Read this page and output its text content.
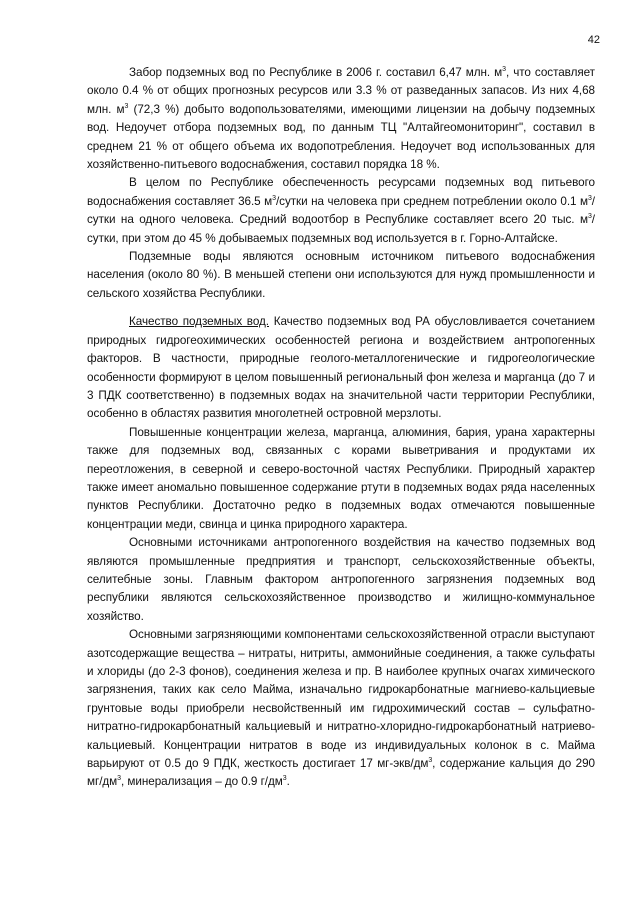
42

Забор подземных вод по Республике в 2006 г. составил 6,47 млн. $м^3$, что составляет около 0.4 % от общих прогнозных ресурсов или 3.3 % от разведанных запасов. Из них 4,68 млн. $м^3$ (72,3 %) добыто водопользователями, имеющими лицензии на добычу подземных вод. Недоучет отбора подземных вод, по данным ТЦ "Алтайгеомониторинг", составил в среднем 21 % от общего объема их водопотребления. Недоучет вод использованных для хозяйственно-питьевого водоснабжения, составил порядка 18 %.

В целом по Республике обеспеченность ресурсами подземных вод питьевого водоснабжения составляет 36.5 $м^3$/сутки на человека при среднем потреблении около 0.1 $м^3$/сутки на одного человека. Средний водоотбор в Республике составляет всего 20 тыс. $м^3$/сутки, при этом до 45 % добываемых подземных вод используется в г. Горно-Алтайске.

Подземные воды являются основным источником питьевого водоснабжения населения (около 80 %). В меньшей степени они используются для нужд промышленности и сельского хозяйства Республики.

Качество подземных вод. Качество подземных вод РА обусловливается сочетанием природных гидрогеохимических особенностей региона и воздействием антропогенных факторов. В частности, природные геолого-металлогенические и гидрогеологические особенности формируют в целом повышенный региональный фон железа и марганца (до 7 и 3 ПДК соответственно) в подземных водах на значительной части территории Республики, особенно в областях развития многолетней островной мерзлоты.

Повышенные концентрации железа, марганца, алюминия, бария, урана характерны также для подземных вод, связанных с корами выветривания и продуктами их переотложения, в северной и северо-восточной частях Республики. Природный характер также имеет аномально повышенное содержание ртути в подземных водах ряда населенных пунктов Республики. Достаточно редко в подземных водах отмечаются повышенные концентрации меди, свинца и цинка природного характера.

Основными источниками антропогенного воздействия на качество подземных вод являются промышленные предприятия и транспорт, сельскохозяйственные объекты, селитебные зоны. Главным фактором антропогенного загрязнения подземных вод республики являются сельскохозяйственное производство и жилищно-коммунальное хозяйство.

Основными загрязняющими компонентами сельскохозяйственной отрасли выступают азотсодержащие вещества – нитраты, нитриты, аммонийные соединения, а также сульфаты и хлориды (до 2-3 фонов), соединения железа и пр. В наиболее крупных очагах химического загрязнения, таких как село Майма, изначально гидрокарбонатные магниево-кальциевые грунтовые воды приобрели несвойственный им гидрохимический состав – сульфатно-нитратно-гидрокарбонатный кальциевый и нитратно-хлоридно-гидрокарбонатный натриево-кальциевый. Концентрации нитратов в воде из индивидуальных колонок в с. Майма варьируют от 0.5 до 9 ПДК, жесткость достигает 17 $мг-экв/дм^3$, содержание кальция до 290 $мг/дм^3$, минерализация – до 0.9 $г/дм^3$.
